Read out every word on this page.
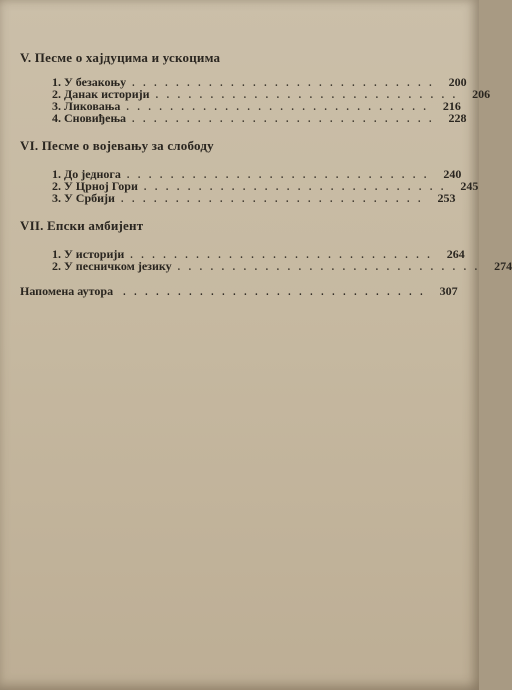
V. Песме о хајдуцима и ускоцима
1. У безакоњу . . . . . . . . . . . . . . . . . . . . . . . . . . . .	200
2. Данак историји . . . . . . . . . . . . . . . . . . . . . . . . . . . .	206
3. Ликовања . . . . . . . . . . . . . . . . . . . . . . . . . . . .	216
4. Сновиђења . . . . . . . . . . . . . . . . . . . . . . . . . . . .	228
VI. Песме о војевању за слободу
1. До једнога . . . . . . . . . . . . . . . . . . . . . . . . . . . .	240
2. У Црној Гори . . . . . . . . . . . . . . . . . . . . . . . . . . . .	245
3. У Србији . . . . . . . . . . . . . . . . . . . . . . . . . . . .	253
VII. Епски амбијент
1. У историји . . . . . . . . . . . . . . . . . . . . . . . . . . . .	264
2. У песничком језику . . . . . . . . . . . . . . . . . . . . . . . . . . . .	274
Напомена аутора	. . . . . . . . . . . . . . . . . . . . . . . . . . . .	307
